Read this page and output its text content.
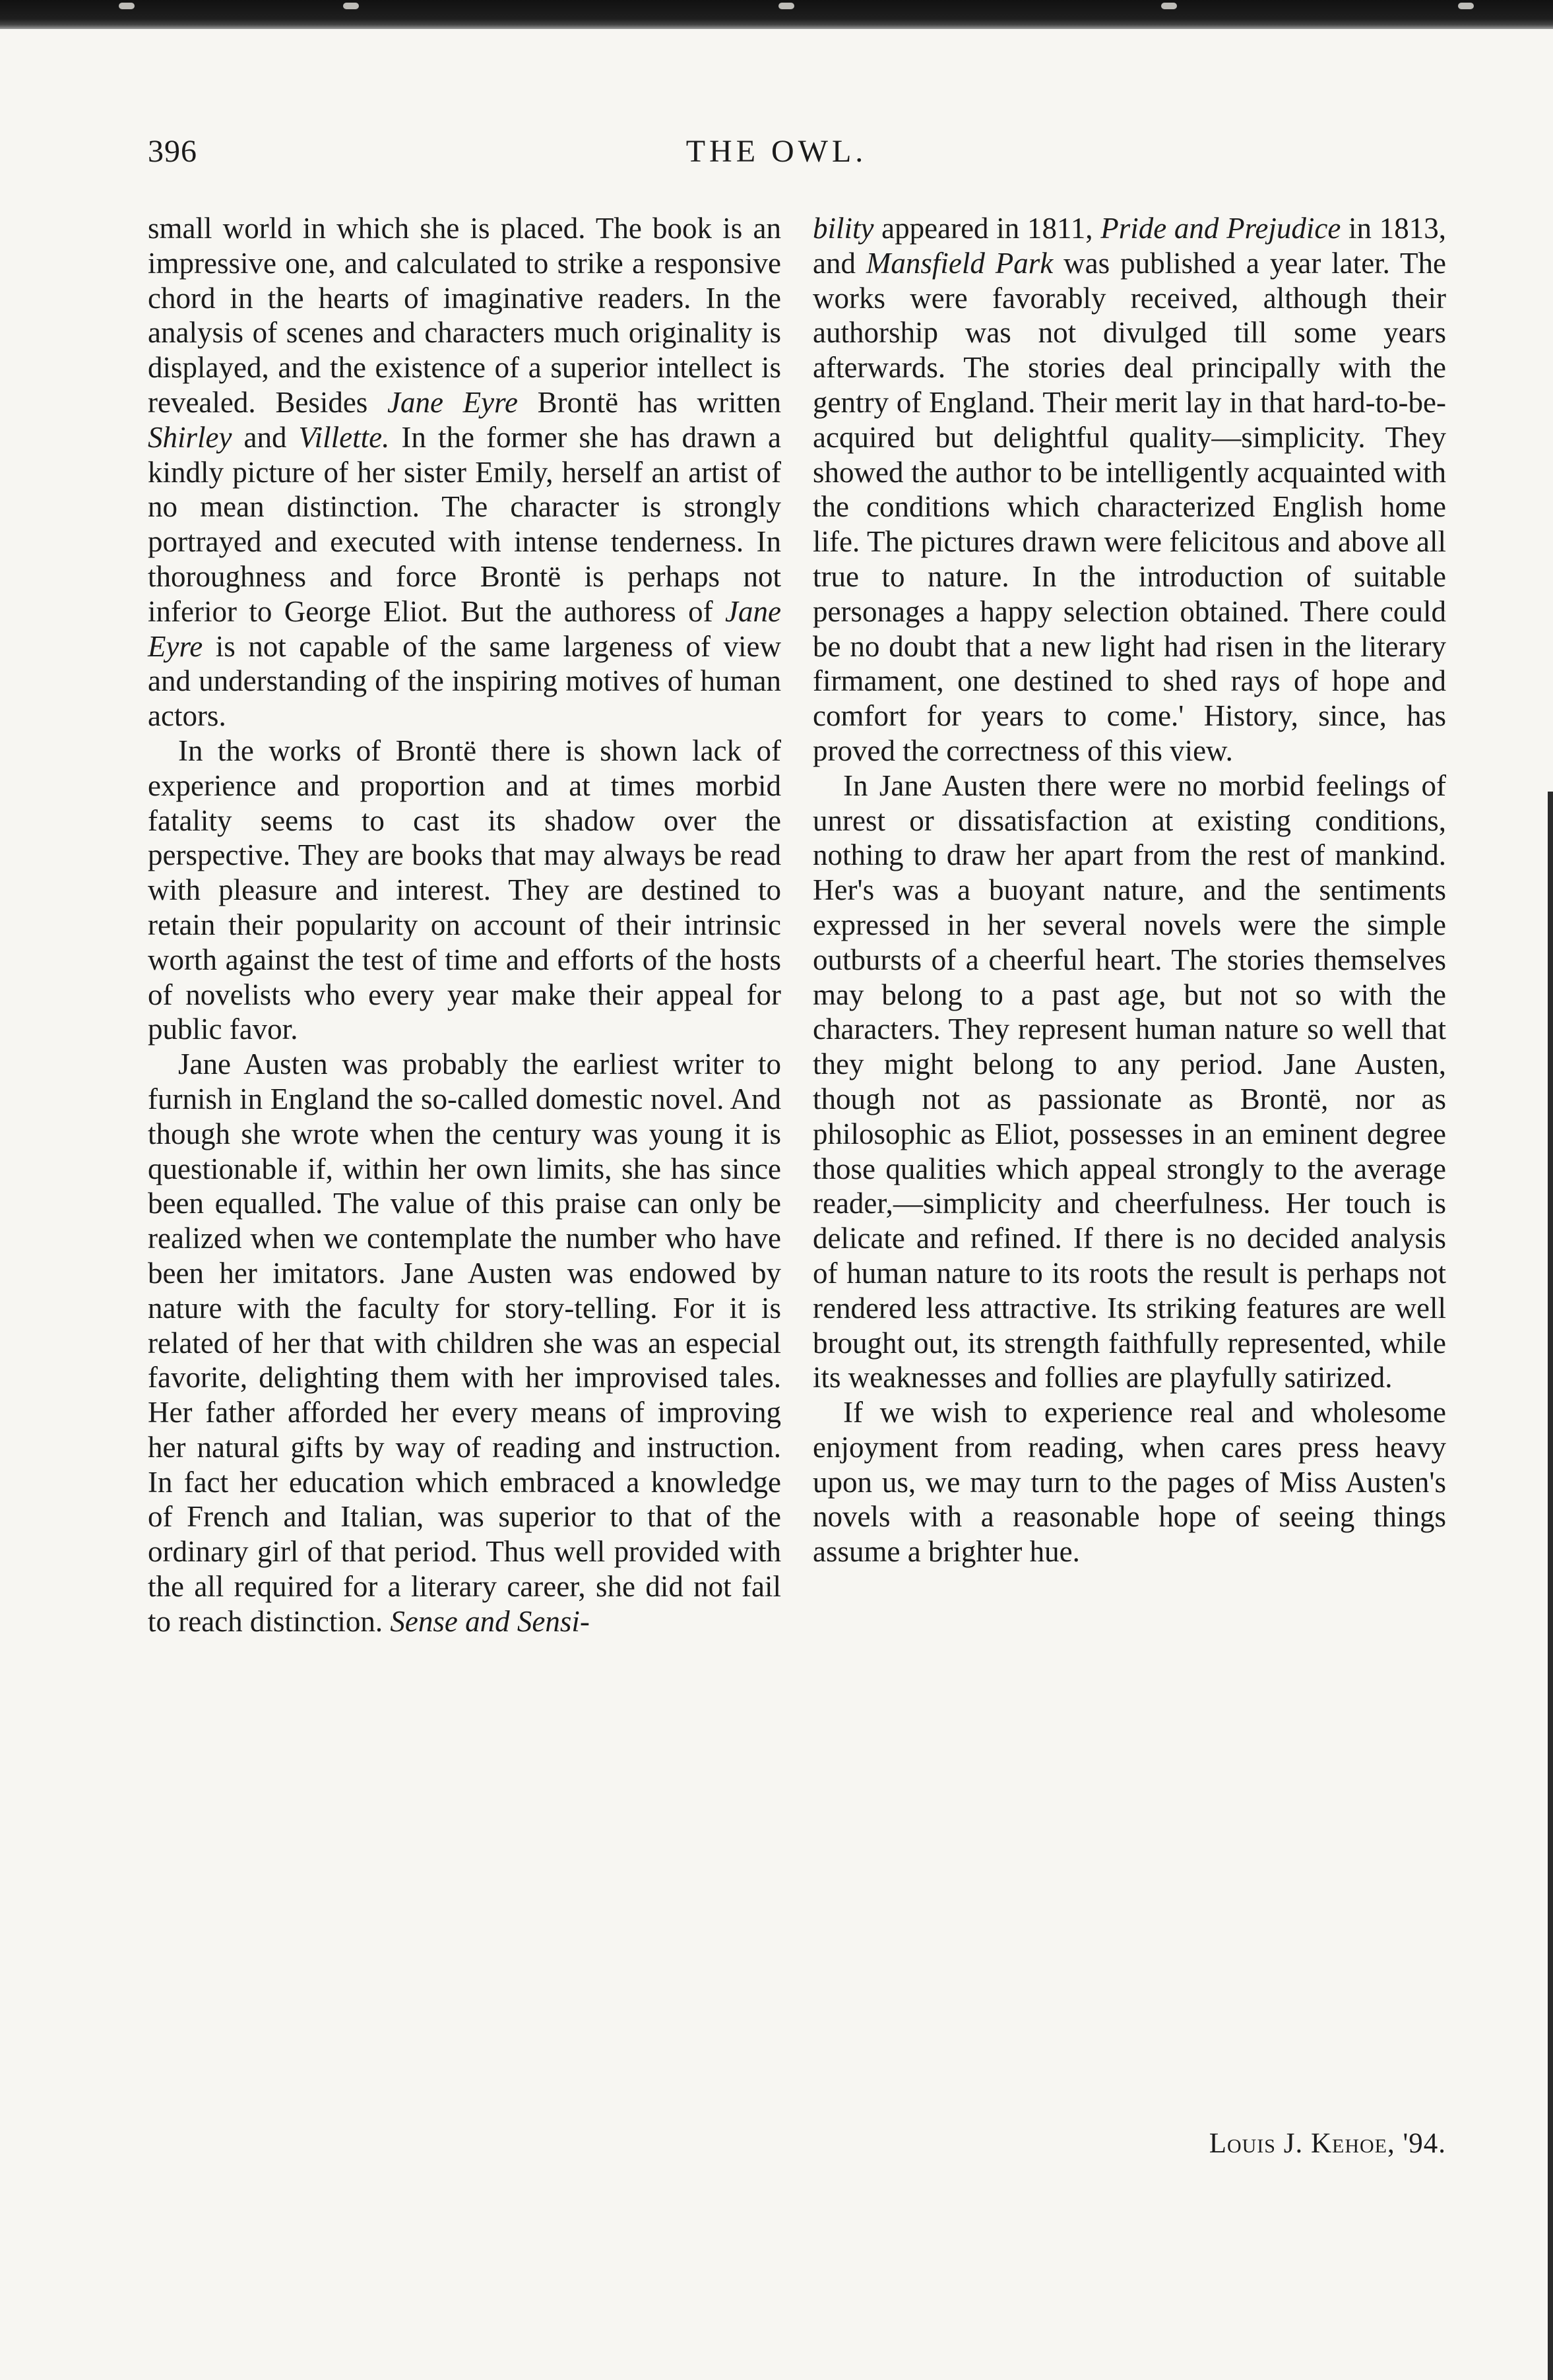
396	THE OWL.

small world in which she is placed. The book is an impressive one, and calculated to strike a responsive chord in the hearts of imaginative readers. In the analysis of scenes and characters much originality is displayed, and the existence of a superior intellect is revealed. Besides Jane Eyre Brontë has written Shirley and Villette. In the former she has drawn a kindly picture of her sister Emily, herself an artist of no mean distinction. The character is strongly portrayed and executed with intense tenderness. In thoroughness and force Brontë is perhaps not inferior to George Eliot. But the authoress of Jane Eyre is not capable of the same largeness of view and understanding of the inspiring motives of human actors.

In the works of Brontë there is shown lack of experience and proportion and at times morbid fatality seems to cast its shadow over the perspective. They are books that may always be read with pleasure and interest. They are destined to retain their popularity on account of their intrinsic worth against the test of time and efforts of the hosts of novelists who every year make their appeal for public favor.

Jane Austen was probably the earliest writer to furnish in England the so-called domestic novel. And though she wrote when the century was young it is questionable if, within her own limits, she has since been equalled. The value of this praise can only be realized when we contemplate the number who have been her imitators. Jane Austen was endowed by nature with the faculty for story-telling. For it is related of her that with children she was an especial favorite, delighting them with her improvised tales. Her father afforded her every means of improving her natural gifts by way of reading and instruction. In fact her education which embraced a knowledge of French and Italian, was superior to that of the ordinary girl of that period. Thus well provided with the all required for a literary career, she did not fail to reach distinction. Sense and Sensi-

bility appeared in 1811, Pride and Prejudice in 1813, and Mansfield Park was published a year later. The works were favorably received, although their authorship was not divulged till some years afterwards. The stories deal principally with the gentry of England. Their merit lay in that hard-to-be-acquired but delightful quality—simplicity. They showed the author to be intelligently acquainted with the conditions which characterized English home life. The pictures drawn were felicitous and above all true to nature. In the introduction of suitable personages a happy selection obtained. There could be no doubt that a new light had risen in the literary firmament, one destined to shed rays of hope and comfort for years to come.' History, since, has proved the correctness of this view.

In Jane Austen there were no morbid feelings of unrest or dissatisfaction at existing conditions, nothing to draw her apart from the rest of mankind. Her's was a buoyant nature, and the sentiments expressed in her several novels were the simple outbursts of a cheerful heart. The stories themselves may belong to a past age, but not so with the characters. They represent human nature so well that they might belong to any period. Jane Austen, though not as passionate as Brontë, nor as philosophic as Eliot, possesses in an eminent degree those qualities which appeal strongly to the average reader,—simplicity and cheerfulness. Her touch is delicate and refined. If there is no decided analysis of human nature to its roots the result is perhaps not rendered less attractive. Its striking features are well brought out, its strength faithfully represented, while its weaknesses and follies are playfully satirized.

If we wish to experience real and wholesome enjoyment from reading, when cares press heavy upon us, we may turn to the pages of Miss Austen's novels with a reasonable hope of seeing things assume a brighter hue.

Louis J. Kehoe, '94.
